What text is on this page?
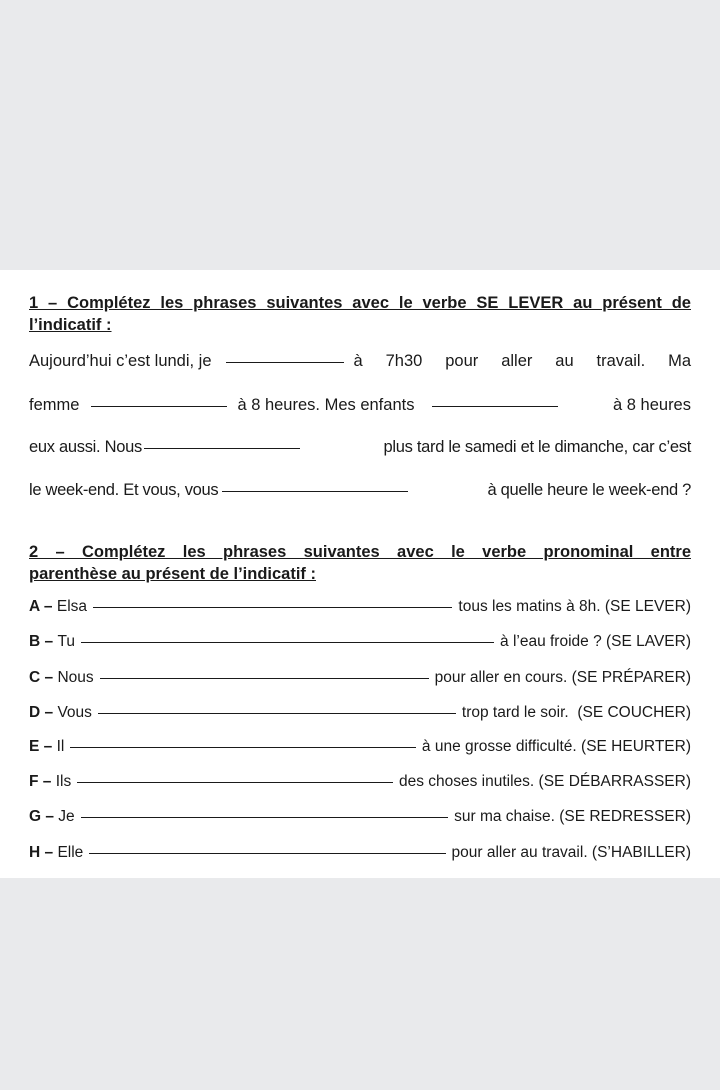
1 – Complétez les phrases suivantes avec le verbe SE LEVER au présent de
l’indicatif :
Aujourd’hui c’est lundi, je	à 7h30 pour aller au travail. Ma
femme	à 8 heures. Mes enfants	à 8 heures
eux aussi. Nous	plus tard le samedi et le dimanche, car c’est
le week-end. Et vous, vous	à quelle heure le week-end ?
2 – Complétez les phrases suivantes avec le verbe pronominal entre
parenthèse au présent de l’indicatif :
A –
Elsa	tous les matins à 8h. (SE LEVER)
B –
Tu	à l’eau froide ? (SE LAVER)
C –
Nous	pour aller en cours. (SE PRÉPARER)
D –
Vous	trop tard le soir.  (SE COUCHER)
E –
Il	à une grosse difficulté. (SE HEURTER)
F –
Ils	des choses inutiles. (SE DÉBARRASSER)
G –
Je	sur ma chaise. (SE REDRESSER)
H –
Elle	pour aller au travail. (S’HABILLER)
